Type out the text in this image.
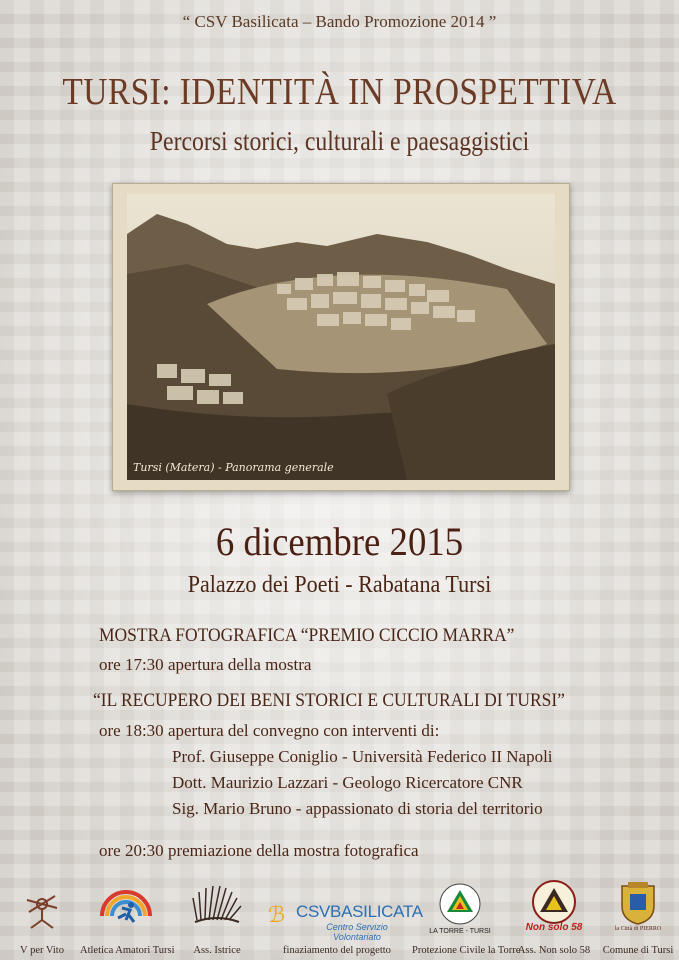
“ CSV Basilicata – Bando Promozione 2014 ”
TURSI: IDENTITÀ IN PROSPETTIVA
Percorsi storici, culturali e paesaggistici
Tursi (Matera) - Panorama generale
6 dicembre 2015
Palazzo dei Poeti - Rabatana Tursi
MOSTRA FOTOGRAFICA “PREMIO CICCIO MARRA”
ore 17:30 apertura della mostra
“IL RECUPERO DEI BENI STORICI E CULTURALI DI TURSI”
ore 18:30 apertura del convegno con interventi di:
Prof. Giuseppe Coniglio - Università Federico II Napoli
Dott. Maurizio Lazzari - Geologo Ricercatore CNR
Sig. Mario Bruno - appassionato di storia del territorio
ore 20:30 premiazione della mostra fotografica
V per Vito	Atletica Amatori Tursi	Ass. Istrice
ℬ CSVBASILICATA
Centro Servizio Volontariato
finaziamento del progetto
LA TORRE - TURSI
Protezione Civile la Torre
Non solo 58
Ass. Non solo 58
la Città di PIERRO
Comune di Tursi
